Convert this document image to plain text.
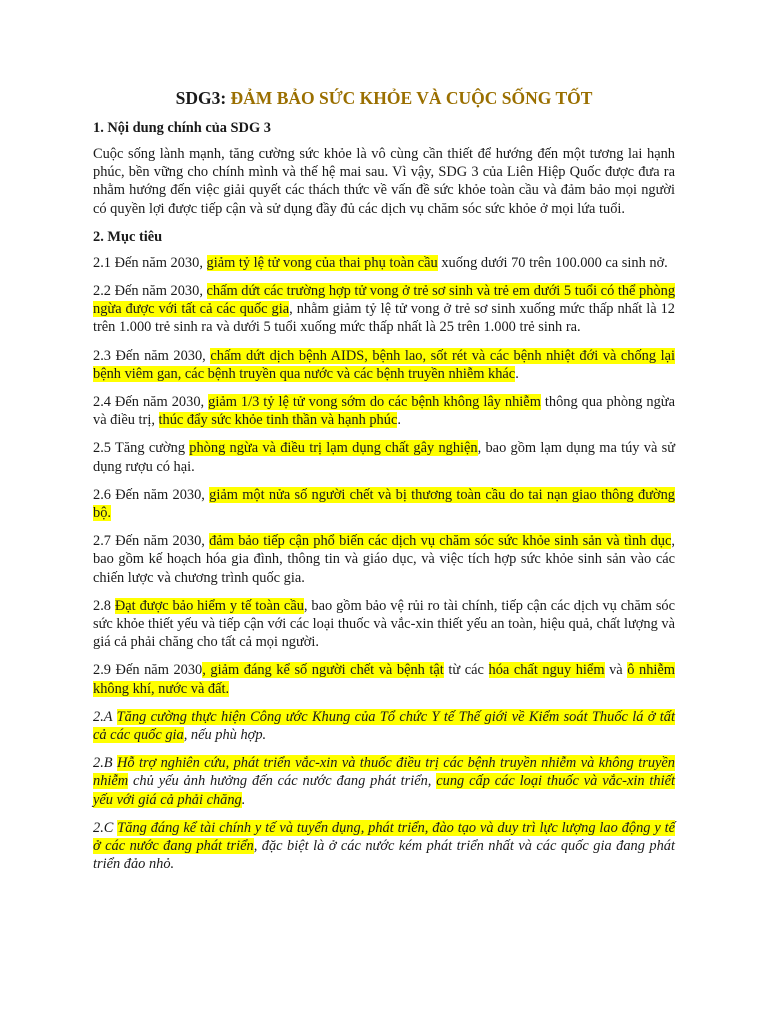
SDG3: ĐẢM BẢO SỨC KHỎE VÀ CUỘC SỐNG TỐT
1. Nội dung chính của SDG 3

Cuộc sống lành mạnh, tăng cường sức khỏe là vô cùng cần thiết để hướng đến một tương lai hạnh phúc, bền vững cho chính mình và thế hệ mai sau. Vì vậy, SDG 3 của Liên Hiệp Quốc được đưa ra nhằm hướng đến việc giải quyết các thách thức về vấn đề sức khỏe toàn cầu và đảm bảo mọi người có quyền lợi được tiếp cận và sử dụng đầy đủ các dịch vụ chăm sóc sức khỏe ở mọi lứa tuổi.

2. Mục tiêu

2.1 Đến năm 2030, giảm tỷ lệ tử vong của thai phụ toàn cầu xuống dưới 70 trên 100.000 ca sinh nở.

2.2 Đến năm 2030, chấm dứt các trường hợp tử vong ở trẻ sơ sinh và trẻ em dưới 5 tuổi có thể phòng ngừa được với tất cả các quốc gia, nhằm giảm tỷ lệ tử vong ở trẻ sơ sinh xuống mức thấp nhất là 12 trên 1.000 trẻ sinh ra và dưới 5 tuổi xuống mức thấp nhất là 25 trên 1.000 trẻ sinh ra.

2.3 Đến năm 2030, chấm dứt dịch bệnh AIDS, bệnh lao, sốt rét và các bệnh nhiệt đới và chống lại bệnh viêm gan, các bệnh truyền qua nước và các bệnh truyền nhiễm khác.

2.4 Đến năm 2030, giảm 1/3 tỷ lệ tử vong sớm do các bệnh không lây nhiễm thông qua phòng ngừa và điều trị, thúc đẩy sức khỏe tinh thần và hạnh phúc.

2.5 Tăng cường phòng ngừa và điều trị lạm dụng chất gây nghiện, bao gồm lạm dụng ma túy và sử dụng rượu có hại.

2.6 Đến năm 2030, giảm một nửa số người chết và bị thương toàn cầu do tai nạn giao thông đường bộ.

2.7 Đến năm 2030, đảm bảo tiếp cận phổ biến các dịch vụ chăm sóc sức khỏe sinh sản và tình dục, bao gồm kế hoạch hóa gia đình, thông tin và giáo dục, và việc tích hợp sức khỏe sinh sản vào các chiến lược và chương trình quốc gia.

2.8 Đạt được bảo hiểm y tế toàn cầu, bao gồm bảo vệ rủi ro tài chính, tiếp cận các dịch vụ chăm sóc sức khỏe thiết yếu và tiếp cận với các loại thuốc và vắc-xin thiết yếu an toàn, hiệu quả, chất lượng và giá cả phải chăng cho tất cả mọi người.

2.9 Đến năm 2030, giảm đáng kể số người chết và bệnh tật từ các hóa chất nguy hiểm và ô nhiễm không khí, nước và đất.

2.A Tăng cường thực hiện Công ước Khung của Tổ chức Y tế Thế giới về Kiểm soát Thuốc lá ở tất cả các quốc gia, nếu phù hợp.

2.B Hỗ trợ nghiên cứu, phát triển vắc-xin và thuốc điều trị các bệnh truyền nhiễm và không truyền nhiễm chủ yếu ảnh hưởng đến các nước đang phát triển, cung cấp các loại thuốc và vắc-xin thiết yếu với giá cả phải chăng.

2.C Tăng đáng kể tài chính y tế và tuyển dụng, phát triển, đào tạo và duy trì lực lượng lao động y tế ở các nước đang phát triển, đặc biệt là ở các nước kém phát triển nhất và các quốc gia đang phát triển đảo nhỏ.
